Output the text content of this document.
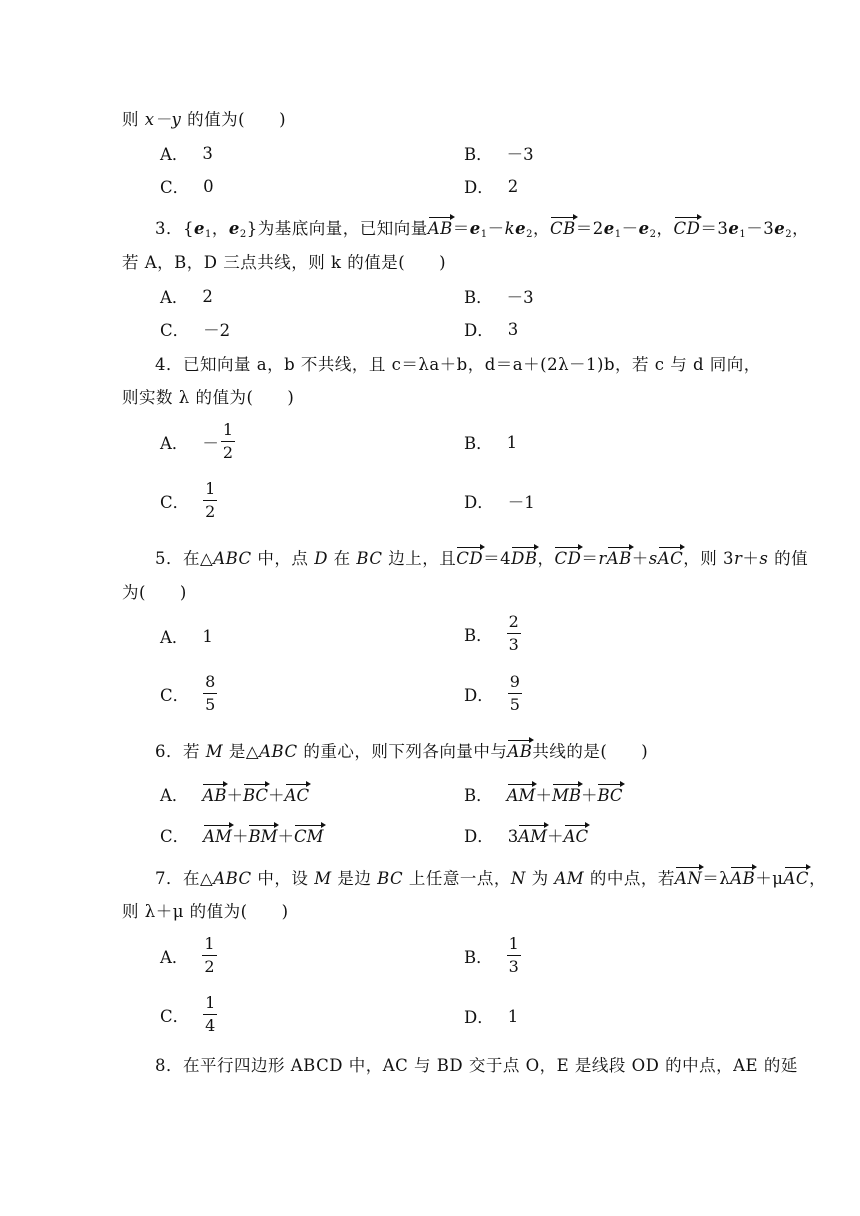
则 x－y 的值为(　　)
A． 3	B． －3
C． 0	D． 2
3．{$e_1$，$e_2$}为基底向量，已知向量$AB=e_1-ke_2$，$CB=2e_1-e_2$，$CD=3e_1-3e_2$，
若 A，B，D 三点共线，则 k 的值是(　　)
A． 2	B． －3
C． －2	D． 3
4．已知向量 a，b 不共线，且 c＝λa＋b，d＝a＋(2λ－1)b，若 c 与 d 同向，
则实数 λ 的值为(　　)
A． － $\frac{1}{2}$	B． 1
C． $\frac{1}{2}$	D． －1
5．在△ABC 中，点 D 在 BC 边上，且CD＝4DB，CD＝rAB＋sAC，则 3r＋s 的值
为(　　)
A． 1	B． $\frac{2}{3}$
C． $\frac{8}{5}$	D． $\frac{9}{5}$
6．若 M 是△ABC 的重心，则下列各向量中与AB共线的是(　　)
A． AB＋BC＋AC	B． AM＋MB＋BC
C． AM＋BM＋CM	D． 3AM＋AC
7．在△ABC 中，设 M 是边 BC 上任意一点，N 为 AM 的中点，若AN＝λAB＋μAC，
则 λ＋μ 的值为(　　)
A． $\frac{1}{2}$	B． $\frac{1}{3}$
C． $\frac{1}{4}$	D． 1
8．在平行四边形 ABCD 中，AC 与 BD 交于点 O，E 是线段 OD 的中点，AE 的延
